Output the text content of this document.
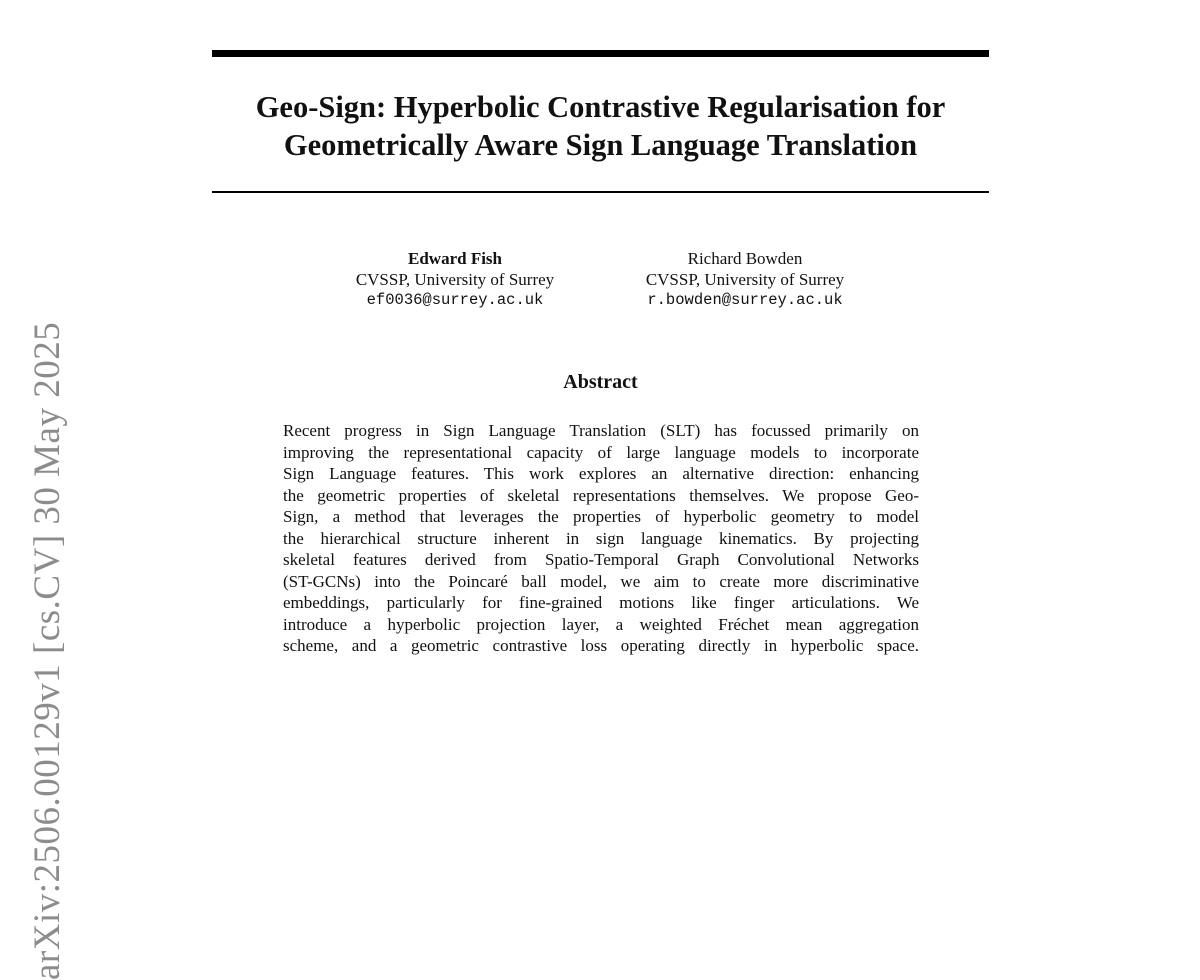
Geo-Sign: Hyperbolic Contrastive Regularisation for
Geometrically Aware Sign Language Translation
Edward Fish
CVSSP, University of Surrey
ef0036@surrey.ac.uk
Richard Bowden
CVSSP, University of Surrey
r.bowden@surrey.ac.uk
Abstract
Recent progress in Sign Language Translation (SLT) has focussed primarily on
improving the representational capacity of large language models to incorporate
Sign Language features. This work explores an alternative direction: enhancing
the geometric properties of skeletal representations themselves. We propose Geo-
Sign, a method that leverages the properties of hyperbolic geometry to model
the hierarchical structure inherent in sign language kinematics. By projecting
skeletal features derived from Spatio-Temporal Graph Convolutional Networks
(ST-GCNs) into the Poincaré ball model, we aim to create more discriminative
embeddings, particularly for fine-grained motions like finger articulations. We
introduce a hyperbolic projection layer, a weighted Fréchet mean aggregation
scheme, and a geometric contrastive loss operating directly in hyperbolic space.
arXiv:2506.00129v1 [cs.CV] 30 May 2025
